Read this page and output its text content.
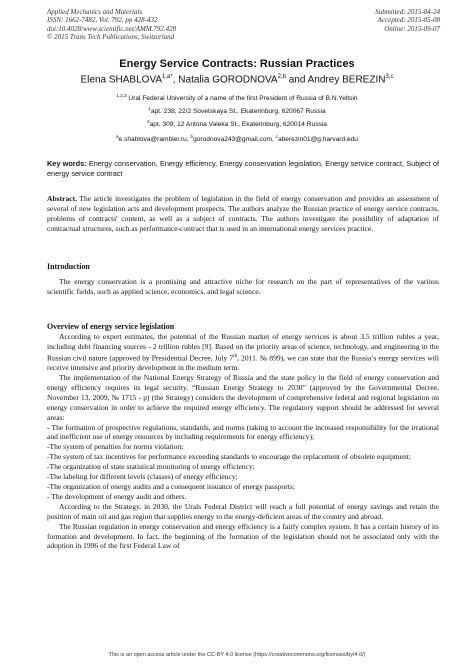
Applied Mechanics and Materials
ISSN: 1662-7482, Vol. 792, pp 428-432
doi:10.4028/www.scientific.net/AMM.792.428
© 2015 Trans Tech Publications, Switzerland
Submitted: 2015-04-24
Accepted: 2015-05-08
Online: 2015-09-07
Energy Service Contracts: Russian Practices
Elena $SHABLOVA^{1,a*}$, Natalia GORODNOVA$^{2,b}$ and Andrey BEREZIN$^{3,c}$
$^{1,2,3}$ Ural Federal University of a name of the first President of Russia of B.N.Yeltsin
$^1$apt. 238, 22/2 Sovetskaya St., Ekaterinburg, 620067 Russia
$^2$apt. 309, 12 Antona Valeka St., Ekaterinburg, 620014 Russia
$^a$e.shablova@rambler.ru, $^b$gorodnova243@gmail.com, $^c$aberezin01@g.harvard.edu
Key words: Energy conservation, Energy efficiency, Energy conservation legislation, Energy service contract, Subject of energy service contract

Abstract. The article investigates the problem of legislation in the field of energy conservation and provides an assessment of several of new legislation acts and development prospects. The authors analyze the Russian practice of energy service contracts, problems of contracts' content, as well as a subject of contracts. The authors investigate the possibility of adaptation of contractual structures, such as performance-contract that is used in an international energy services practice.

Introduction

The energy conservation is a promising and attractive niche for research on the part of representatives of the various scientific fields, such as applied science, economics, and legal science.

Overview of energy service legislation

According to expert estimates, the potential of the Russian market of energy services is about 3.5 trillion rubles a year, including debt financing sources - 2 trillion rubles [9]. Based on the priority areas of science, technology, and engineering in the Russian civil nature (approved by Presidential Decree, July 7th, 2011. № 899), we can state that the Russia’s energy services will receive intensive and priority development in the medium term.

The implementation of the National Energy Strategy of Russia and the state policy in the field of energy conservation and energy efficiency requires its legal security. “Russian Energy Strategy to 2030” (approved by the Governmental Decree, November 13, 2009, № 1715 - p) (the Strategy) considers the development of comprehensive federal and regional legislation on energy conservation in order to achieve the required energy efficiency. The regulatory support should be addressed for several areas:

- The formation of prospective regulations, standards, and norms (taking to account the increased responsibility for the irrational and inefficient use of energy resources by including requirements for energy efficiency);

-The system of penalties for norms violation;

-The system of tax incentives for performance exceeding standards to encourage the replacement of obsolete equipment;

-The organization of state statistical monitoring of energy efficiency;

-The labeling for different levels (classes) of energy efficiency;

-The organization of energy audits and a consequent issuance of energy passports;

- The development of energy audit and others.

According to the Strategy, in 2030, the Urals Federal District will reach a full potential of energy savings and retain the position of main oil and gas region that supplies energy to the energy-deficient areas of the country and abroad.

The Russian regulation in energy conservation and energy efficiency is a fairly complex system. It has a certain history of its formation and development. In fact, the beginning of the formation of the legislation should not be associated only with the adoption in 1996 of the first Federal Law of

This is an open access article under the CC-BY 4.0 license (https://creativecommons.org/licenses/by/4.0/)
